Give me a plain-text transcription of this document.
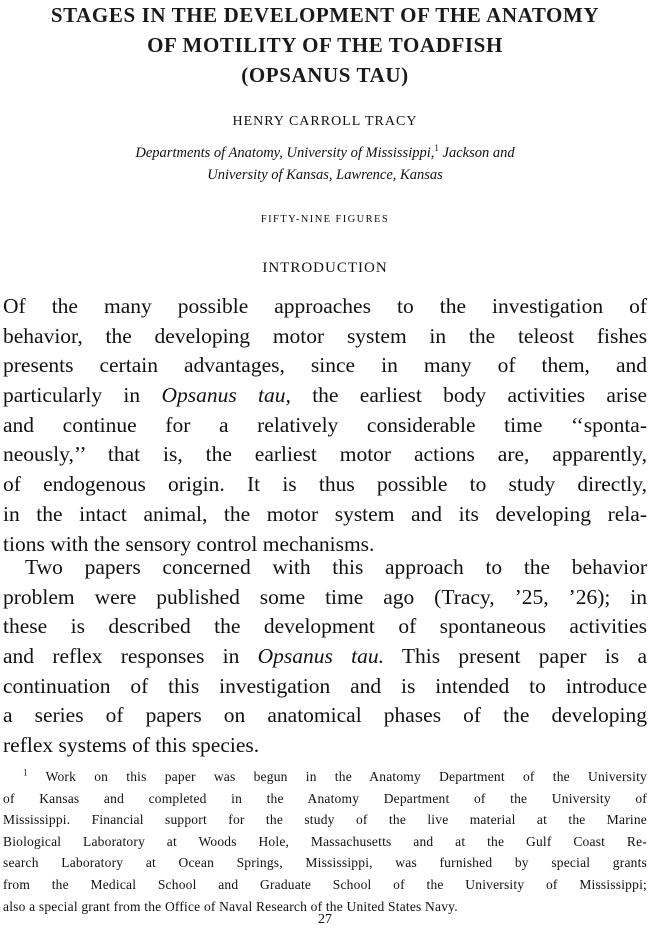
STAGES IN THE DEVELOPMENT OF THE ANATOMY
OF MOTILITY OF THE TOADFISH
(OPSANUS TAU)
HENRY CARROLL TRACY
Departments of Anatomy, University of Mississippi,$^1$ Jackson and
University of Kansas, Lawrence, Kansas
FIFTY-NINE FIGURES
INTRODUCTION
Of the many possible approaches to the investigation of
behavior, the developing motor system in the teleost fishes
presents certain advantages, since in many of them, and
particularly in Opsanus tau, the earliest body activities arise
and continue for a relatively considerable time ‘‘sponta-
neously,’’ that is, the earliest motor actions are, apparently,
of endogenous origin. It is thus possible to study directly,
in the intact animal, the motor system and its developing rela-
tions with the sensory control mechanisms.
Two papers concerned with this approach to the behavior
problem were published some time ago (Tracy, ’25, ’26); in
these is described the development of spontaneous activities
and reflex responses in Opsanus tau. This present paper is a
continuation of this investigation and is intended to introduce
a series of papers on anatomical phases of the developing
reflex systems of this species.
$^1$ Work on this paper was begun in the Anatomy Department of the University
of Kansas and completed in the Anatomy Department of the University of
Mississippi. Financial support for the study of the live material at the Marine
Biological Laboratory at Woods Hole, Massachusetts and at the Gulf Coast Re-
search Laboratory at Ocean Springs, Mississippi, was furnished by special grants
from the Medical School and Graduate School of the University of Mississippi;
also a special grant from the Office of Naval Research of the United States Navy.
27
